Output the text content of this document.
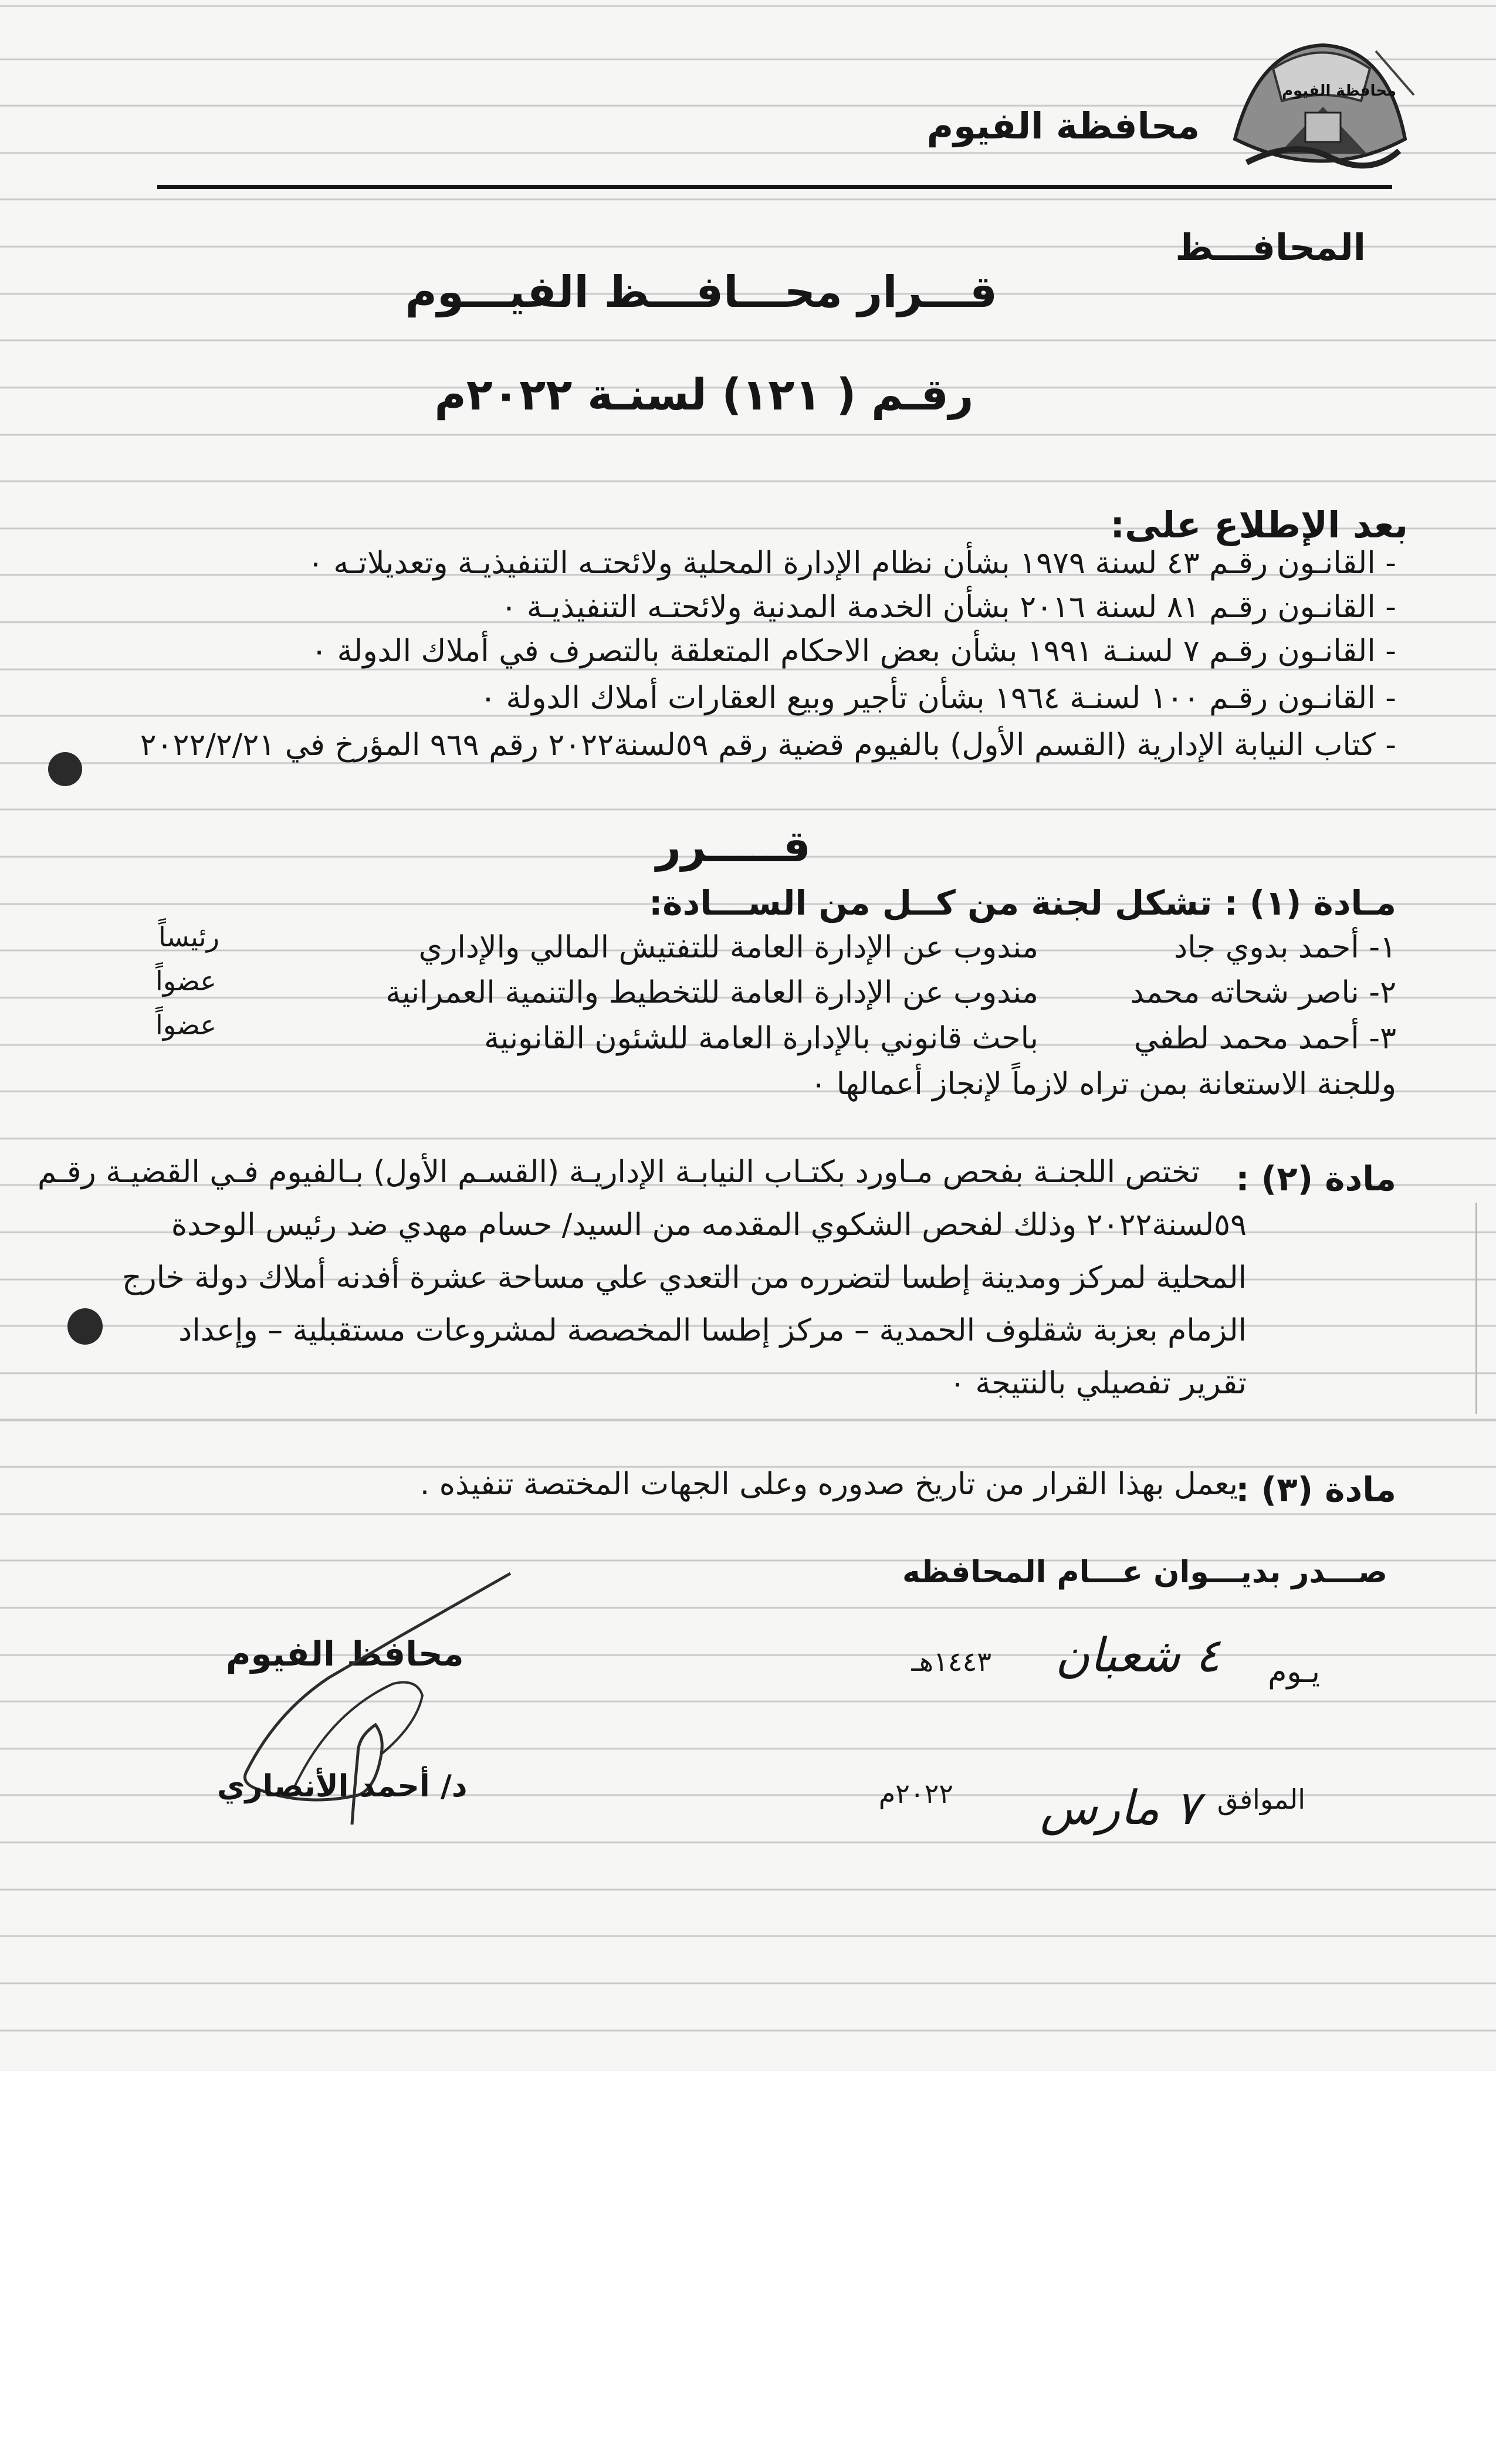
محافظة الفيوم
محافظة الفيوم
المحافـــظ
قـــرار محـــافـــظ الفيـــوم
رقـم ( ١٢١) لسنـة ٢٠٢٢م
بعد الإطلاع على:
- القانـون رقـم ٤٣ لسنة ١٩٧٩ بشأن نظام الإدارة المحلية ولائحتـه التنفيذيـة وتعديلاتـه ٠
- القانـون رقـم ٨١ لسنة ٢٠١٦ بشأن الخدمة المدنية ولائحتـه التنفيذيـة ٠
- القانـون رقـم ٧ لسنـة ١٩٩١ بشأن بعض الاحكام المتعلقة بالتصرف في أملاك الدولة ٠
- القانـون رقـم ١٠٠ لسنـة ١٩٦٤ بشأن تأجير وبيع العقارات أملاك الدولة ٠
- كتاب النيابة الإدارية (القسم الأول) بالفيوم قضية رقم ٥٩لسنة٢٠٢٢ رقم ٩٦٩ المؤرخ في ٢٠٢٢/٢/٢١
قـــــرر
مـادة (١) : تشكل لجنة من كــل من الســـادة:
١- أحمد بدوي جاد
مندوب عن الإدارة العامة للتفتيش المالي والإداري
رئيساً
٢- ناصر شحاته محمد
مندوب عن الإدارة العامة للتخطيط والتنمية العمرانية
عضواً
٣- أحمد محمد لطفي
باحث قانوني بالإدارة العامة للشئون القانونية
عضواً
وللجنة الاستعانة بمن تراه لازماً لإنجاز أعمالها ٠
مادة (٢) :
تختص اللجنـة بفحص مـاورد بكتـاب النيابـة الإداريـة (القسـم الأول) بـالفيوم فـي القضيـة رقـم
٥٩لسنة٢٠٢٢ وذلك لفحص الشكوي المقدمه من السيد/ حسام مهدي ضد رئيس الوحدة
المحلية لمركز ومدينة إطسا لتضرره من التعدي علي مساحة عشرة أفدنه أملاك دولة خارج
الزمام بعزبة شقلوف الحمدية – مركز إطسا المخصصة لمشروعات مستقبلية – وإعداد
تقرير تفصيلي بالنتيجة ٠
مادة (٣) :
يعمل بهذا القرار من تاريخ صدوره وعلى الجهات المختصة تنفيذه .
صـــدر بديـــوان عـــام المحافظه
يـوم
٤ شعبان
١٤٤٣هـ
الموافق
٧ مارس
٢٠٢٢م
محافظ الفيوم
د/ أحمد الأنصاري
